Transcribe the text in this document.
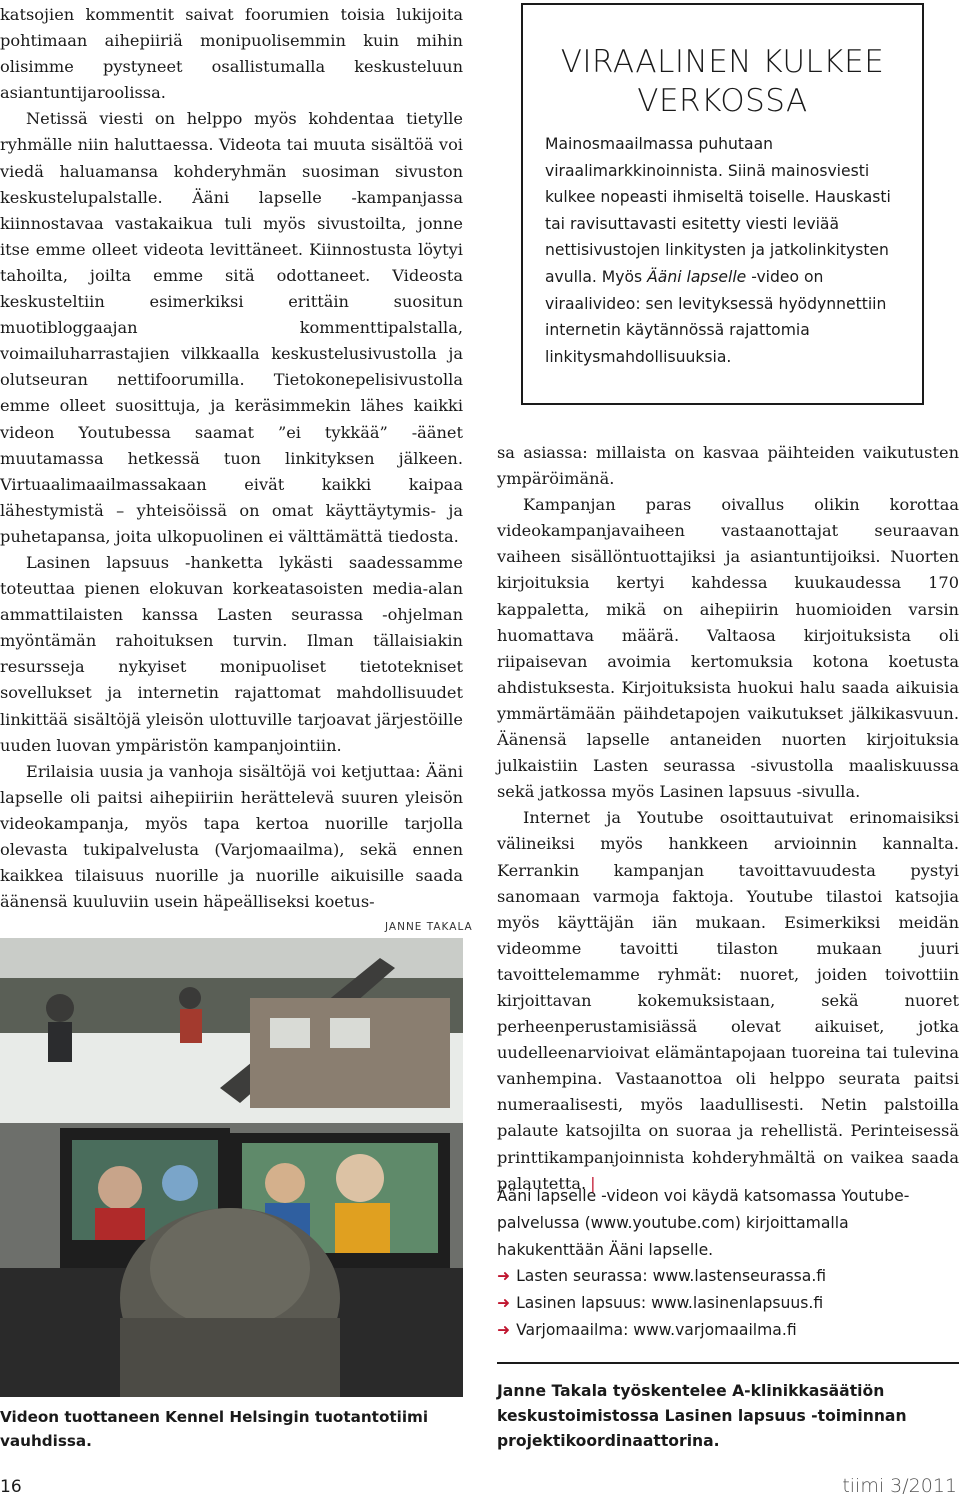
katsojien kommentit saivat foorumien toisia lukijoita pohtimaan aihepiiriä monipuolisemmin kuin mihin olisimme pystyneet osallistumalla keskusteluun asiantuntijaroolissa.

Netissä viesti on helppo myös kohdentaa tietylle ryhmälle niin haluttaessa. Videota tai muuta sisältöä voi viedä haluamansa kohderyhmän suosiman sivuston keskustelupalstalle. Ääni lapselle -kampanjassa kiinnostavaa vastakaikua tuli myös sivustoilta, jonne itse emme olleet videota levittäneet. Kiinnostusta löytyi tahoilta, joilta emme sitä odottaneet. Videosta keskusteltiin esimerkiksi erittäin suositun muotibloggaajan kommenttipalstalla, voimailuharrastajien vilkkaalla keskustelusivustolla ja olutseuran nettifoorumilla. Tietokonepelisivustolla emme olleet suosittuja, ja keräsimmekin lähes kaikki videon Youtubessa saamat ”ei tykkää” -äänet muutamassa hetkessä tuon linkityksen jälkeen. Virtuaalimaailmassakaan eivät kaikki kaipaa lähestymistä – yhteisöissä on omat käyttäytymis- ja puhetapansa, joita ulkopuolinen ei välttämättä tiedosta.

Lasinen lapsuus -hanketta lykästi saadessamme toteuttaa pienen elokuvan korkeatasoisten media-alan ammattilaisten kanssa Lasten seurassa -ohjelman myöntämän rahoituksen turvin. Ilman tällaisiakin resursseja nykyiset monipuoliset tietotekniset sovellukset ja internetin rajattomat mahdollisuudet linkittää sisältöjä yleisön ulottuville tarjoavat järjestöille uuden luovan ympäristön kampanjointiin.

Erilaisia uusia ja vanhoja sisältöjä voi ketjuttaa: Ääni lapselle oli paitsi aihepiiriin herättelevä suuren yleisön videokampanja, myös tapa kertoa nuorille tarjolla olevasta tukipalvelusta (Varjomaailma), sekä ennen kaikkea tilaisuus nuorille ja nuorille aikuisille saada äänensä kuuluviin usein häpeälliseksi koetus-

VIRAALINEN KULKEE
VERKOSSA
Mainosmaailmassa puhutaan viraalimarkkinoinnista. Siinä mainosviesti kulkee nopeasti ihmiseltä toiselle. Hauskasti tai ravisuttavasti esitetty viesti leviää nettisivustojen linkitysten ja jatkolinkitysten avulla. Myös Ääni lapselle -video on viraalivideo: sen levityksessä hyödynnettiin internetin käytännössä rajattomia linkitysmahdollisuuksia.

sa asiassa: millaista on kasvaa päihteiden vaikutusten ympäröimänä.

Kampanjan paras oivallus olikin korottaa videokampanjavaiheen vastaanottajat seuraavan vaiheen sisällöntuottajiksi ja asiantuntijoiksi. Nuorten kirjoituksia kertyi kahdessa kuukaudessa 170 kappaletta, mikä on aihepiirin huomioiden varsin huomattava määrä. Valtaosa kirjoituksista oli riipaisevan avoimia kertomuksia kotona koetusta ahdistuksesta. Kirjoituksista huokui halu saada aikuisia ymmärtämään päihdetapojen vaikutukset jälkikasvuun. Äänensä lapselle antaneiden nuorten kirjoituksia julkaistiin Lasten seurassa -sivustolla maaliskuussa sekä jatkossa myös Lasinen lapsuus -sivulla.

Internet ja Youtube osoittautuivat erinomaisiksi välineiksi myös hankkeen arvioinnin kannalta. Kerrankin kampanjan tavoittavuudesta pystyi sanomaan varmoja faktoja. Youtube tilastoi katsojia myös käyttäjän iän mukaan. Esimerkiksi meidän videomme tavoitti tilaston mukaan juuri tavoittelemamme ryhmät: nuoret, joiden toivottiin kirjoittavan kokemuksistaan, sekä nuoret perheenperustamisiässä olevat aikuiset, jotka uudelleenarvioivat elämäntapojaan tuoreina tai tulevina vanhempina. Vastaanottoa oli helppo seurata paitsi numeraalisesti, myös laadullisesti. Netin palstoilla palaute katsojilta on suoraa ja rehellistä. Perinteisessä printtikampanjoinnista kohderyhmältä on vaikea saada palautetta. |

Ääni lapselle -videon voi käydä katsomassa Youtube-palvelussa (www.youtube.com) kirjoittamalla hakukenttään Ääni lapselle.
➜ Lasten seurassa: www.lastenseurassa.fi
➜ Lasinen lapsuus: www.lasinenlapsuus.fi
➜ Varjomaailma: www.varjomaailma.fi
Janne Takala työskentelee A-klinikkasäätiön keskustoimistossa Lasinen lapsuus -toiminnan projektikoordinaattorina.
JANNE TAKALA
Videon tuottaneen Kennel Helsingin tuotantotiimi vauhdissa.
16	tiimi 3/2011
